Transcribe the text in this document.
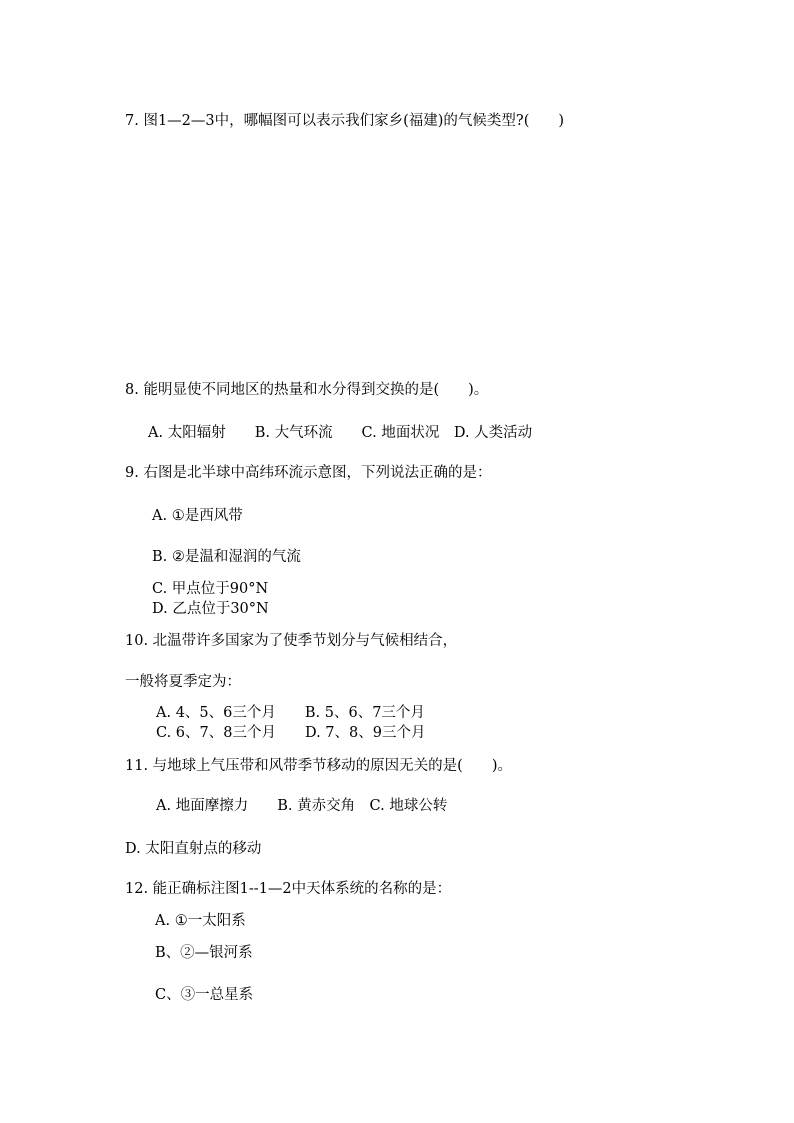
7. 图1—2—3中，哪幅图可以表示我们家乡(福建)的气候类型?(　　)
8. 能明显使不同地区的热量和水分得到交换的是(　　)。
A. 太阳辐射　　B. 大气环流　　C. 地面状况　D. 人类活动
9. 右图是北半球中高纬环流示意图，下列说法正确的是：
A. ①是西风带
B. ②是温和湿润的气流
C. 甲点位于90°N
D. 乙点位于30°N
10. 北温带许多国家为了使季节划分与气候相结合，
一般将夏季定为：
A. 4、5、6三个月　　B. 5、6、7三个月
C. 6、7、8三个月　　D. 7、8、9三个月
11. 与地球上气压带和风带季节移动的原因无关的是(　　)。
A. 地面摩擦力　　B. 黄赤交角　C. 地球公转
D. 太阳直射点的移动
12. 能正确标注图1--1—2中天体系统的名称的是：
A. ①一太阳系
B、②—银河系
C、③一总星系
